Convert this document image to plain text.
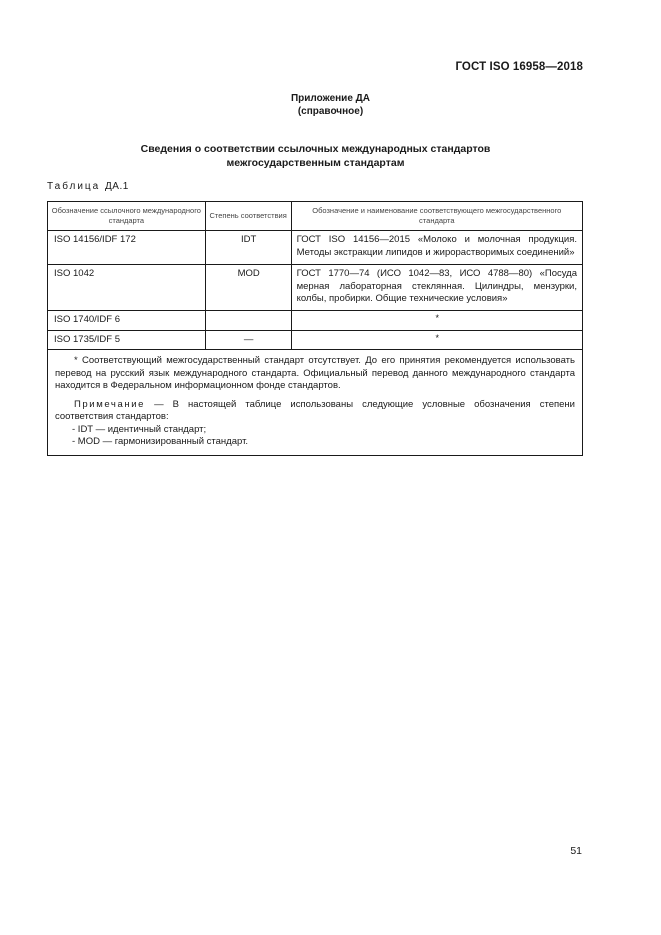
ГОСТ ISO 16958—2018
Приложение ДА
(справочное)
Сведения о соответствии ссылочных международных стандартов
межгосударственным стандартам
Таблица ДА.1
Обозначение ссылочного международного стандарта	Степень соответствия	Обозначение и наименование соответствующего межгосударственного стандарта
ISO 14156/IDF 172	IDT	ГОСТ ISO 14156—2015 «Молоко и молочная продукция. Методы экстракции липидов и жирорастворимых соединений»
ISO 1042	MOD	ГОСТ 1770—74 (ИСО 1042—83, ИСО 4788—80) «Посуда мерная лабораторная стеклянная. Цилиндры, мензурки, колбы, пробирки. Общие технические условия»
ISO 1740/IDF 6		*
ISO 1735/IDF 5	—	*

* Соответствующий межгосударственный стандарт отсутствует. До его принятия рекомендуется использовать перевод на русский язык международного стандарта. Официальный перевод данного международного стандарта находится в Федеральном информационном фонде стандартов.

Примечание — В настоящей таблице использованы следующие условные обозначения степени соответствия стандартов:

- IDT — идентичный стандарт;

- MOD — гармонизированный стандарт.		

51
